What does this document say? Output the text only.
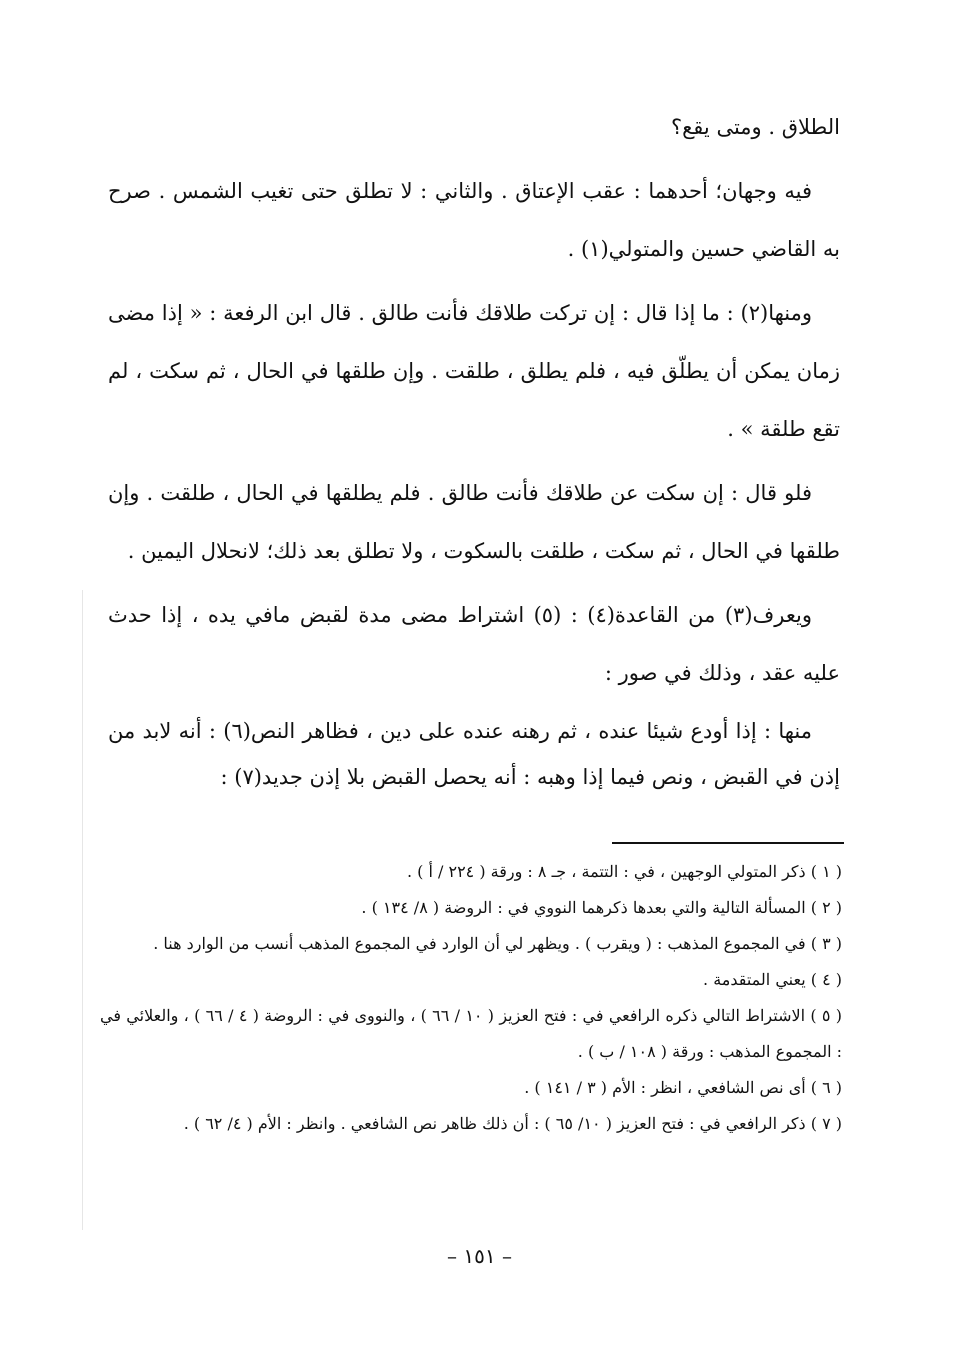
الطلاق . ومتى يقع؟

فيه وجهان؛ أحدهما : عقب الإعتاق . والثاني : لا تطلق حتى تغيب الشمس . صرح به القاضي حسين والمتولي(١) .

ومنها(٢) : ما إذا قال : إن تركت طلاقك فأنت طالق . قال ابن الرفعة : « إذا مضى زمان يمكن أن يطلّق فيه ، فلم يطلق ، طلقت . وإن طلقها في الحال ، ثم سكت ، لم تقع طلقة » .

فلو قال : إن سكت عن طلاقك فأنت طالق . فلم يطلقها في الحال ، طلقت . وإن طلقها في الحال ، ثم سكت ، طلقت بالسكوت ، ولا تطلق بعد ذلك؛ لانحلال اليمين .

ويعرف(٣) من القاعدة(٤) : (٥) اشتراط مضى مدة لقبض مافي يده ، إذا حدث عليه عقد ، وذلك في صور :

منها : إذا أودع شيئا عنده ، ثم رهنه عنده على دين ، فظاهر النص(٦) : أنه لابد من إذن في القبض ، ونص فيما إذا وهبه : أنه يحصل القبض بلا إذن جديد(٧) :

( ١ ) ذكر المتولي الوجهين ، في : التتمة ، جـ ٨ : ورقة ( ٢٢٤ / أ ) .

( ٢ ) المسألة التالية والتي بعدها ذكرهما النووي في : الروضة ( ٨/ ١٣٤ ) .

( ٣ ) في المجموع المذهب : ( ويقرب ) . ويظهر لي أن الوارد في المجموع المذهب أنسب من الوارد هنا .

( ٤ ) يعني المتقدمة .

( ٥ ) الاشتراط التالي ذكره الرافعي في : فتح العزيز ( ١٠ / ٦٦ ) ، والنووى في : الروضة ( ٤ / ٦٦ ) ، والعلائي في : المجموع المذهب : ورقة ( ١٠٨ / ب ) .

( ٦ ) أى نص الشافعي ، انظر : الأم ( ٣ / ١٤١ ) .

( ٧ ) ذكر الرافعي في : فتح العزيز ( ١٠/ ٦٥ ) : أن ذلك ظاهر نص الشافعي . وانظر : الأم ( ٤/ ٦٢ ) .

– ١٥١ –
